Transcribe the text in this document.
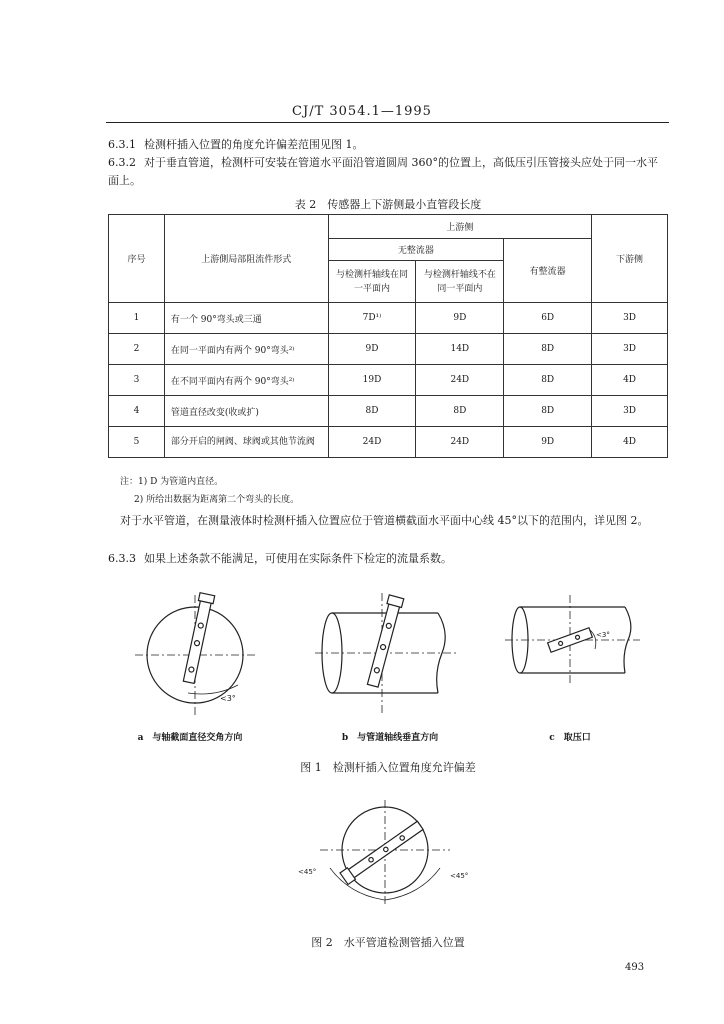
CJ/T 3054.1—1995
6.3.1 检测杆插入位置的角度允许偏差范围见图 1。
6.3.2 对于垂直管道，检测杆可安装在管道水平面沿管道圆周 360°的位置上，高低压引压管接头应处于同一水平面上。
表 2　传感器上下游侧最小直管段长度
序号	上游側局部阻流件形式	上游侧			下游侧
		无整流器		有整流器	
		与检测杆轴线在同一平面内	与检测杆轴线不在同一平面内		
1	有一个 90°弯头或三通	7D¹⁾	9D	6D	3D
2	在同一平面内有两个 90°弯头²⁾	9D	14D	8D	3D
3	在不同平面内有两个 90°弯头²⁾	19D	24D	8D	4D
4	管道直径改变(收或扩)	8D	8D	8D	3D
5	部分开启的闸阀、球阀或其他节流阀	24D	24D	9D	4D
注：1) D 为管道内直径。
2) 所给出数据为距离第二个弯头的长度。
对于水平管道，在测量液体时检测杆插入位置应位于管道横截面水平面中心线 45°以下的范围内，详见图 2。
6.3.3 如果上述条款不能满足，可使用在实际条件下检定的流量系数。
<3°
<3°
a　与轴截面直径交角方向	b　与管道轴线垂直方向	c　取压口
图 1　检测杆插入位置角度允许偏差
<45°	<45°
图 2　水平管道检测管插入位置
493
